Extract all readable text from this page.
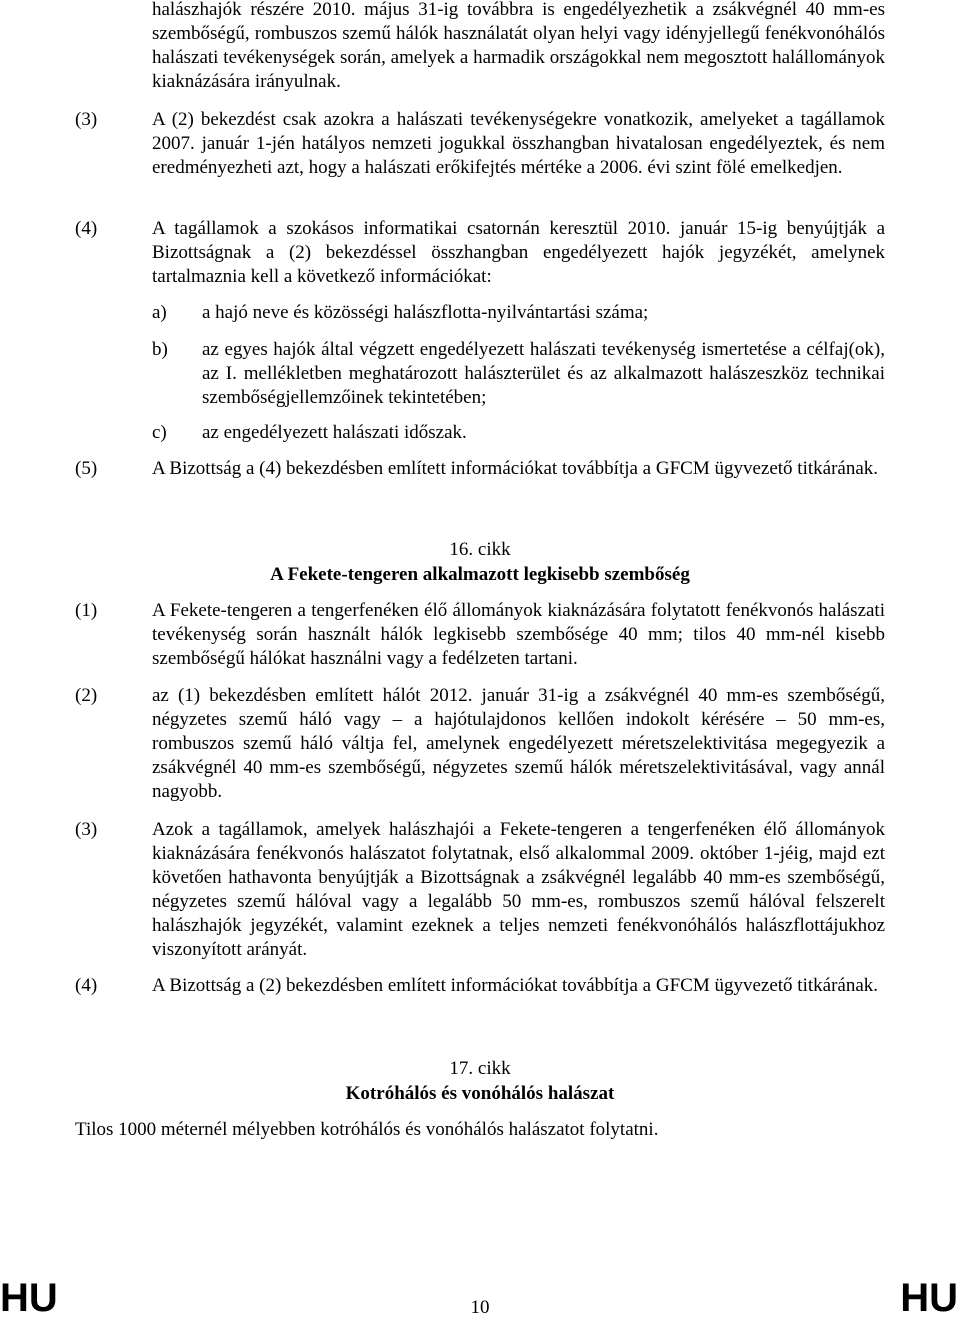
halászhajók részére 2010. május 31-ig továbbra is engedélyezhetik a zsákvégnél 40 mm-es szembőségű, rombuszos szemű hálók használatát olyan helyi vagy idényjellegű fenékvonóhálós halászati tevékenységek során, amelyek a harmadik országokkal nem megosztott halállományok kiaknázására irányulnak.
(3)	A (2) bekezdést csak azokra a halászati tevékenységekre vonatkozik, amelyeket a tagállamok 2007. január 1-jén hatályos nemzeti jogukkal összhangban hivatalosan engedélyeztek, és nem eredményezheti azt, hogy a halászati erőkifejtés mértéke a 2006. évi szint fölé emelkedjen.
(4)	A tagállamok a szokásos informatikai csatornán keresztül 2010. január 15-ig benyújtják a Bizottságnak a (2) bekezdéssel összhangban engedélyezett hajók jegyzékét, amelynek tartalmaznia kell a következő információkat:
a) a hajó neve és közösségi halászflotta-nyilvántartási száma;
b) az egyes hajók által végzett engedélyezett halászati tevékenység ismertetése a célfaj(ok), az I. mellékletben meghatározott halászterület és az alkalmazott halászeszköz technikai szembőségjellemzőinek tekintetében;
c) az engedélyezett halászati időszak.
(5)	A Bizottság a (4) bekezdésben említett információkat továbbítja a GFCM ügyvezető titkárának.
16. cikk
A Fekete-tengeren alkalmazott legkisebb szembőség
(1)	A Fekete-tengeren a tengerfenéken élő állományok kiaknázására folytatott fenékvonós halászati tevékenység során használt hálók legkisebb szembősége 40 mm; tilos 40 mm-nél kisebb szembőségű hálókat használni vagy a fedélzeten tartani.
(2)	az (1) bekezdésben említett hálót 2012. január 31-ig a zsákvégnél 40 mm-es szembőségű, négyzetes szemű háló vagy – a hajótulajdonos kellően indokolt kérésére – 50 mm-es, rombuszos szemű háló váltja fel, amelynek engedélyezett méretszelektivitása megegyezik a zsákvégnél 40 mm-es szembőségű, négyzetes szemű hálók méretszelektivitásával, vagy annál nagyobb.
(3)	Azok a tagállamok, amelyek halászhajói a Fekete-tengeren a tengerfenéken élő állományok kiaknázására fenékvonós halászatot folytatnak, első alkalommal 2009. október 1-jéig, majd ezt követően hathavonta benyújtják a Bizottságnak a zsákvégnél legalább 40 mm-es szembőségű, négyzetes szemű hálóval vagy a legalább 50 mm-es, rombuszos szemű hálóval felszerelt halászhajók jegyzékét, valamint ezeknek a teljes nemzeti fenékvonóhálós halászflottájukhoz viszonyított arányát.
(4)	A Bizottság a (2) bekezdésben említett információkat továbbítja a GFCM ügyvezető titkárának.
17. cikk
Kotróhálós és vonóhálós halászat
Tilos 1000 méternél mélyebben kotróhálós és vonóhálós halászatot folytatni.
HU	10	HU
